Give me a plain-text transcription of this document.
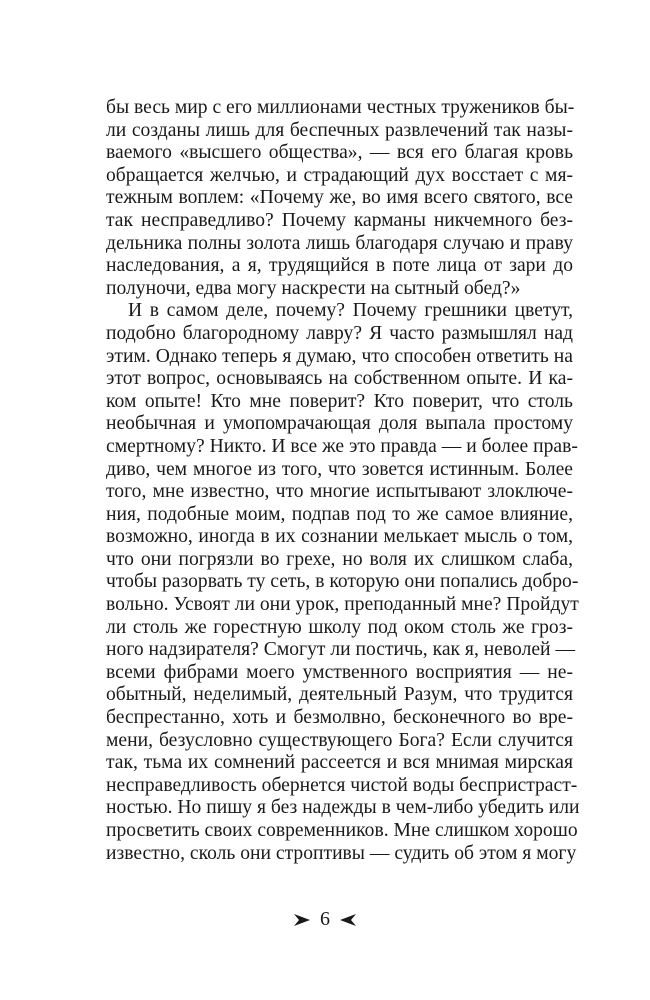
бы весь мир с его миллионами честных тружеников бы-
ли созданы лишь для беспечных развлечений так назы-
ваемого «высшего общества», — вся его благая кровь
обращается желчью, и страдающий дух восстает с мя-
тежным воплем: «Почему же, во имя всего святого, все
так несправедливо? Почему карманы никчемного без-
дельника полны золота лишь благодаря случаю и праву
наследования, а я, трудящийся в поте лица от зари до
полуночи, едва могу наскрести на сытный обед?»
И в самом деле, почему? Почему грешники цветут,
подобно благородному лавру? Я часто размышлял над
этим. Однако теперь я думаю, что способен ответить на
этот вопрос, основываясь на собственном опыте. И ка-
ком опыте! Кто мне поверит? Кто поверит, что столь
необычная и умопомрачающая доля выпала простому
смертному? Никто. И все же это правда — и более прав-
диво, чем многое из того, что зовется истинным. Более
того, мне известно, что многие испытывают злоключе-
ния, подобные моим, подпав под то же самое влияние,
возможно, иногда в их сознании мелькает мысль о том,
что они погрязли во грехе, но воля их слишком слаба,
чтобы разорвать ту сеть, в которую они попались добро-
вольно. Усвоят ли они урок, преподанный мне? Пройдут
ли столь же горестную школу под оком столь же гроз-
ного надзирателя? Смогут ли постичь, как я, неволей —
всеми фибрами моего умственного восприятия — не-
обытный, неделимый, деятельный Разум, что трудится
беспрестанно, хоть и безмолвно, бесконечного во вре-
мени, безусловно существующего Бога? Если случится
так, тьма их сомнений рассеется и вся мнимая мирская
несправедливость обернется чистой воды беспристраст-
ностью. Но пишу я без надежды в чем-либо убедить или
просветить своих современников. Мне слишком хорошо
известно, сколь они строптивы — судить об этом я могу
6
